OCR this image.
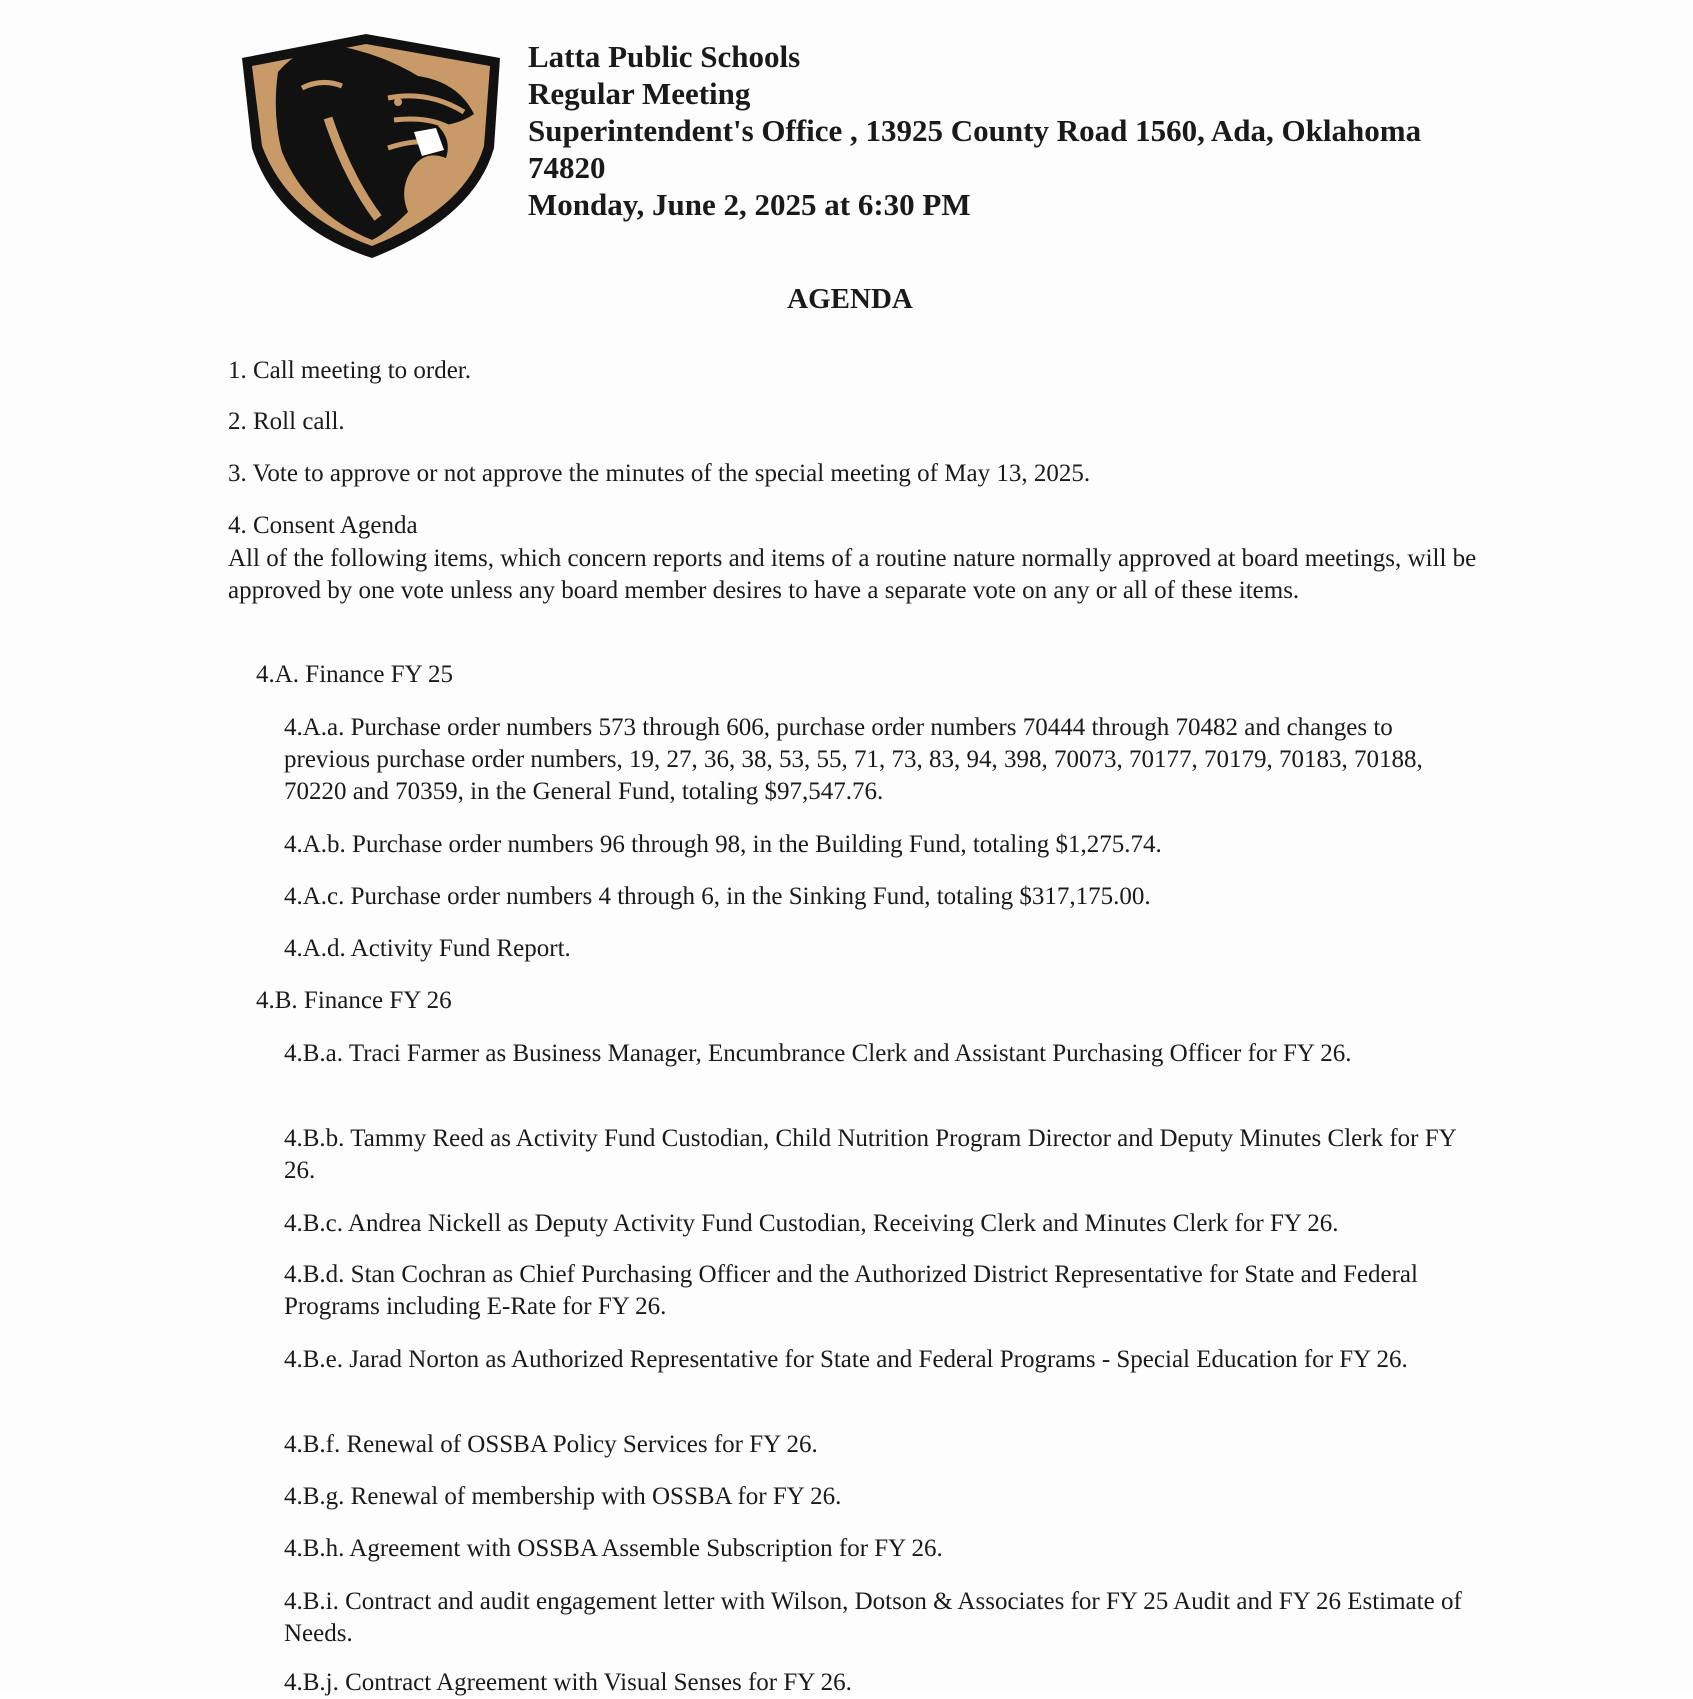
Latta Public Schools
Regular Meeting
Superintendent's Office , 13925 County Road 1560, Ada, Oklahoma
74820
Monday, June 2, 2025 at 6:30 PM
AGENDA
1. Call meeting to order.
2. Roll call.
3. Vote to approve or not approve the minutes of the special meeting of May 13, 2025.
4. Consent Agenda
All of the following items, which concern reports and items of a routine nature normally approved at board meetings, will be approved by one vote unless any board member desires to have a separate vote on any or all of these items.
4.A. Finance FY 25
4.A.a. Purchase order numbers 573 through 606, purchase order numbers 70444 through 70482 and changes to previous purchase order numbers, 19, 27, 36, 38, 53, 55, 71, 73, 83, 94, 398, 70073, 70177, 70179, 70183, 70188, 70220 and 70359, in the General Fund, totaling $97,547.76.
4.A.b. Purchase order numbers 96 through 98, in the Building Fund, totaling $1,275.74.
4.A.c. Purchase order numbers 4 through 6, in the Sinking Fund, totaling $317,175.00.
4.A.d. Activity Fund Report.
4.B. Finance FY 26
4.B.a. Traci Farmer as Business Manager, Encumbrance Clerk and Assistant Purchasing Officer for FY 26.
4.B.b. Tammy Reed as Activity Fund Custodian, Child Nutrition Program Director and Deputy Minutes Clerk for FY 26.
4.B.c. Andrea Nickell as Deputy Activity Fund Custodian, Receiving Clerk and Minutes Clerk for FY 26.
4.B.d. Stan Cochran as Chief Purchasing Officer and the Authorized District Representative for State and Federal Programs including E-Rate for FY 26.
4.B.e. Jarad Norton as Authorized Representative for State and Federal Programs - Special Education for FY 26.
4.B.f. Renewal of OSSBA Policy Services for FY 26.
4.B.g. Renewal of membership with OSSBA for FY 26.
4.B.h. Agreement with OSSBA Assemble Subscription for FY 26.
4.B.i. Contract and audit engagement letter with Wilson, Dotson & Associates for FY 25 Audit and FY 26 Estimate of Needs.
4.B.j. Contract Agreement with Visual Senses for FY 26.
